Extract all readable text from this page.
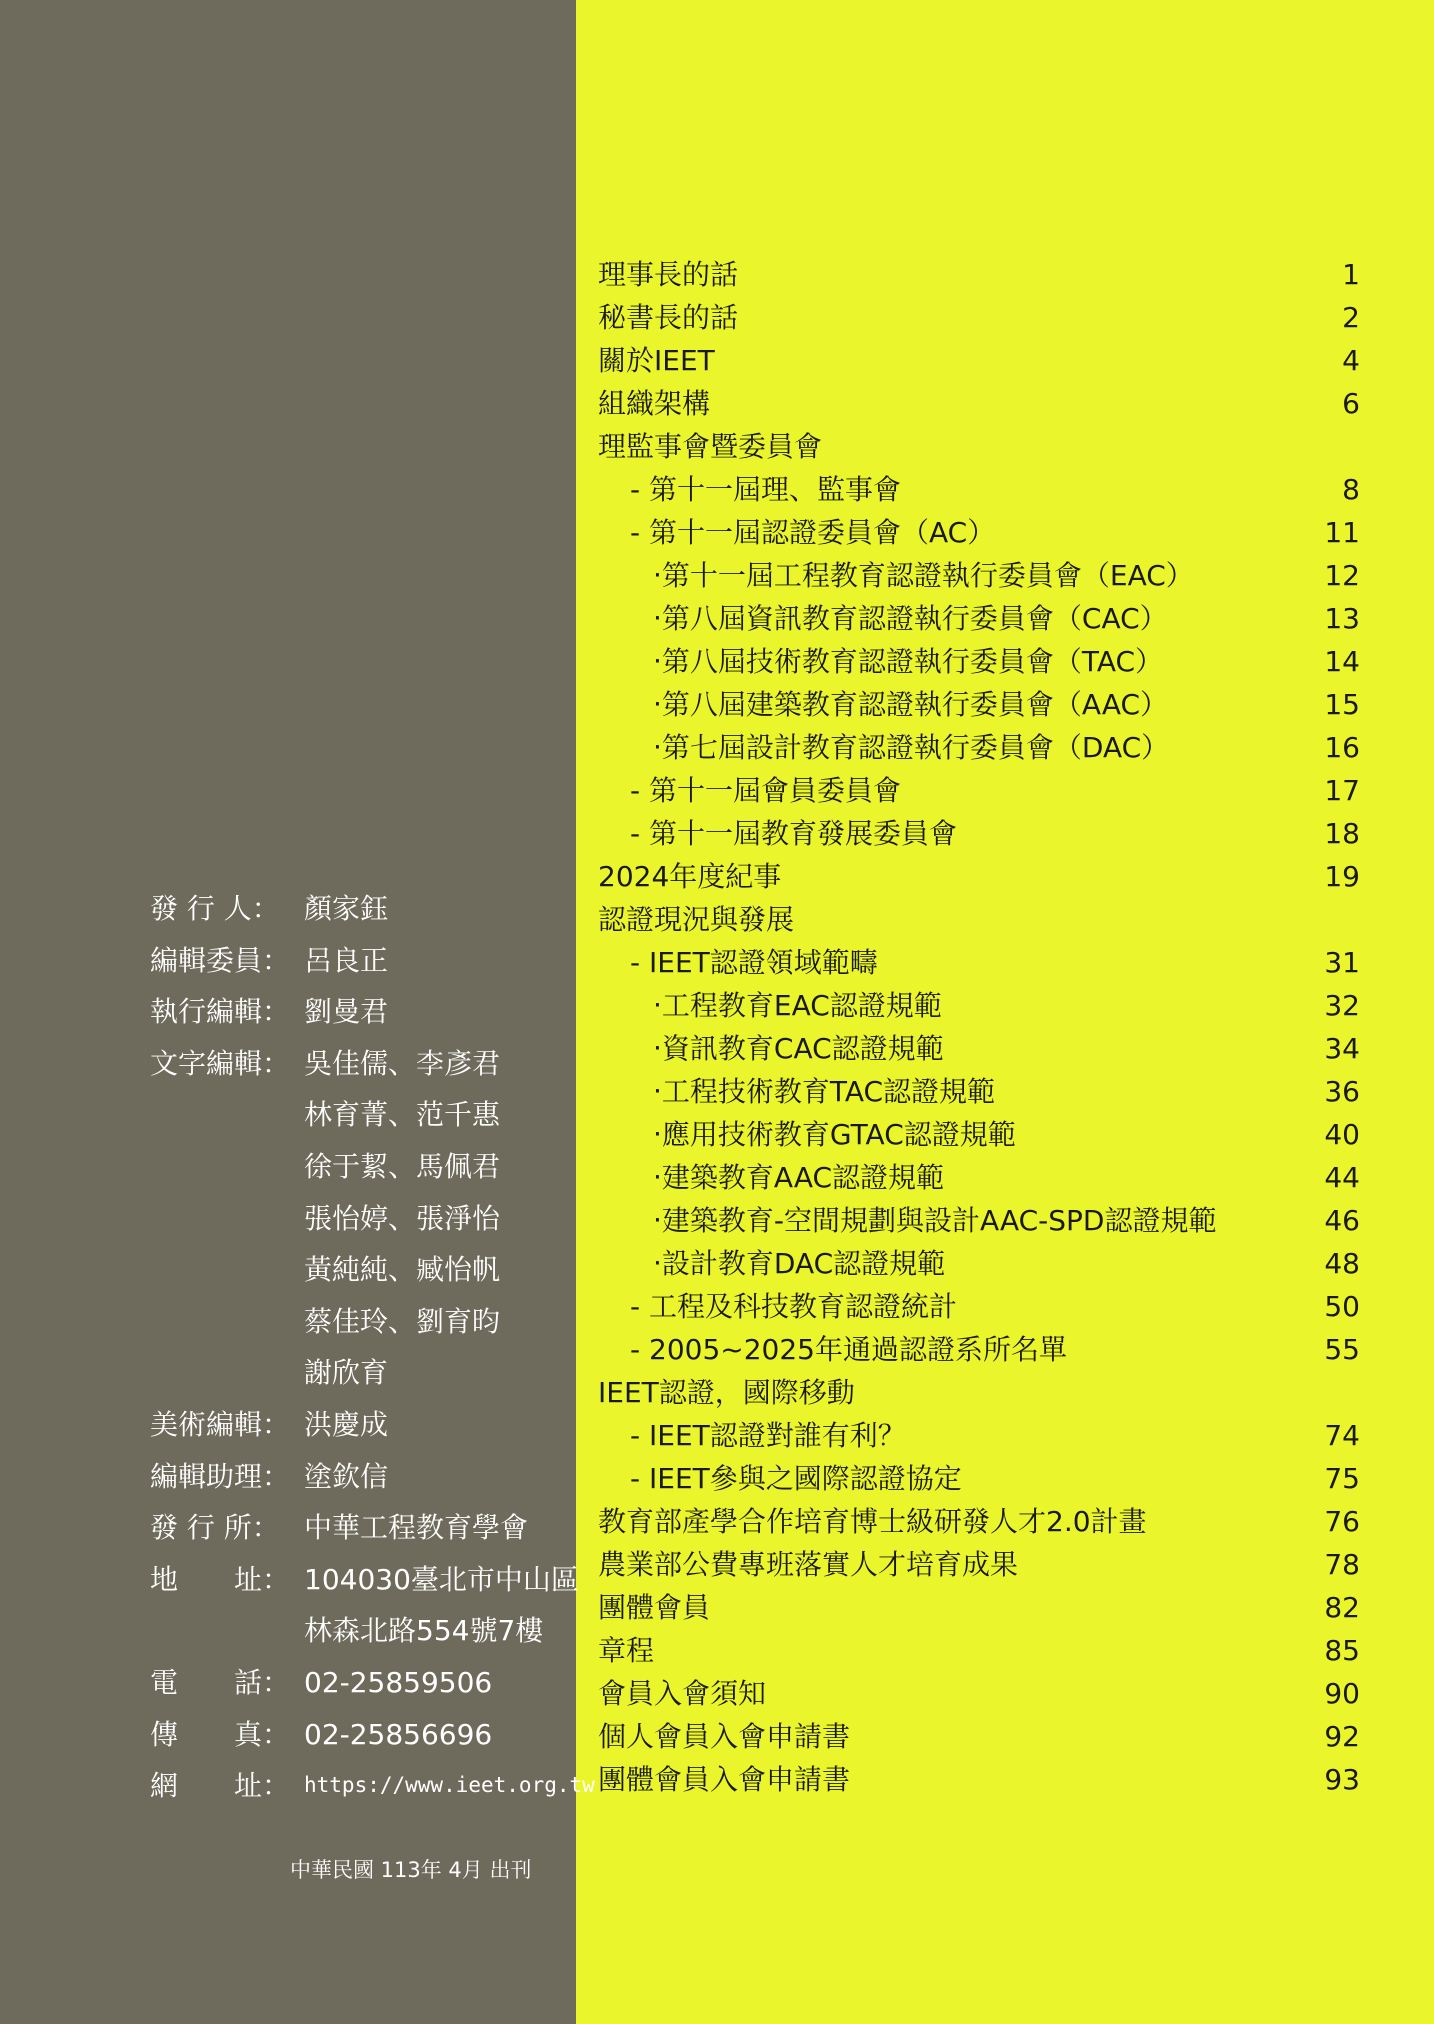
理事長的話	1
秘書長的話	2
關於IEET	4
組織架構	6
理監事會暨委員會
- 第十一屆理、監事會	8
- 第十一屆認證委員會（AC）	11
‧第十一屆工程教育認證執行委員會（EAC）	12
‧第八屆資訊教育認證執行委員會（CAC）	13
‧第八屆技術教育認證執行委員會（TAC）	14
‧第八屆建築教育認證執行委員會（AAC）	15
‧第七屆設計教育認證執行委員會（DAC）	16
- 第十一屆會員委員會	17
- 第十一屆教育發展委員會	18
2024年度紀事	19
認證現況與發展
- IEET認證領域範疇	31
‧工程教育EAC認證規範	32
‧資訊教育CAC認證規範	34
‧工程技術教育TAC認證規範	36
‧應用技術教育GTAC認證規範	40
‧建築教育AAC認證規範	44
‧建築教育-空間規劃與設計AAC-SPD認證規範	46
‧設計教育DAC認證規範	48
- 工程及科技教育認證統計	50
- 2005~2025年通過認證系所名單	55
IEET認證，國際移動
- IEET認證對誰有利？	74
- IEET參與之國際認證協定	75
教育部產學合作培育博士級研發人才2.0計畫	76
農業部公費專班落實人才培育成果	78
團體會員	82
章程	85
會員入會須知	90
個人會員入會申請書	92
團體會員入會申請書	93
發 行 人： 顏家鈺
編輯委員： 呂良正
執行編輯： 劉曼君
文字編輯： 吳佳儒、李彥君
林育菁、范千惠
徐于絜、馬佩君
張怡婷、張淨怡
黃純純、臧怡帆
蔡佳玲、劉育昀
謝欣育
美術編輯： 洪慶成
編輯助理： 塗欽信
發 行 所： 中華工程教育學會
地　　址： 104030臺北市中山區
林森北路554號7樓
電　　話： 02-25859506
傳　　真： 02-25856696
網　　址： https://www.ieet.org.tw
中華民國 113年 4月 出刊
